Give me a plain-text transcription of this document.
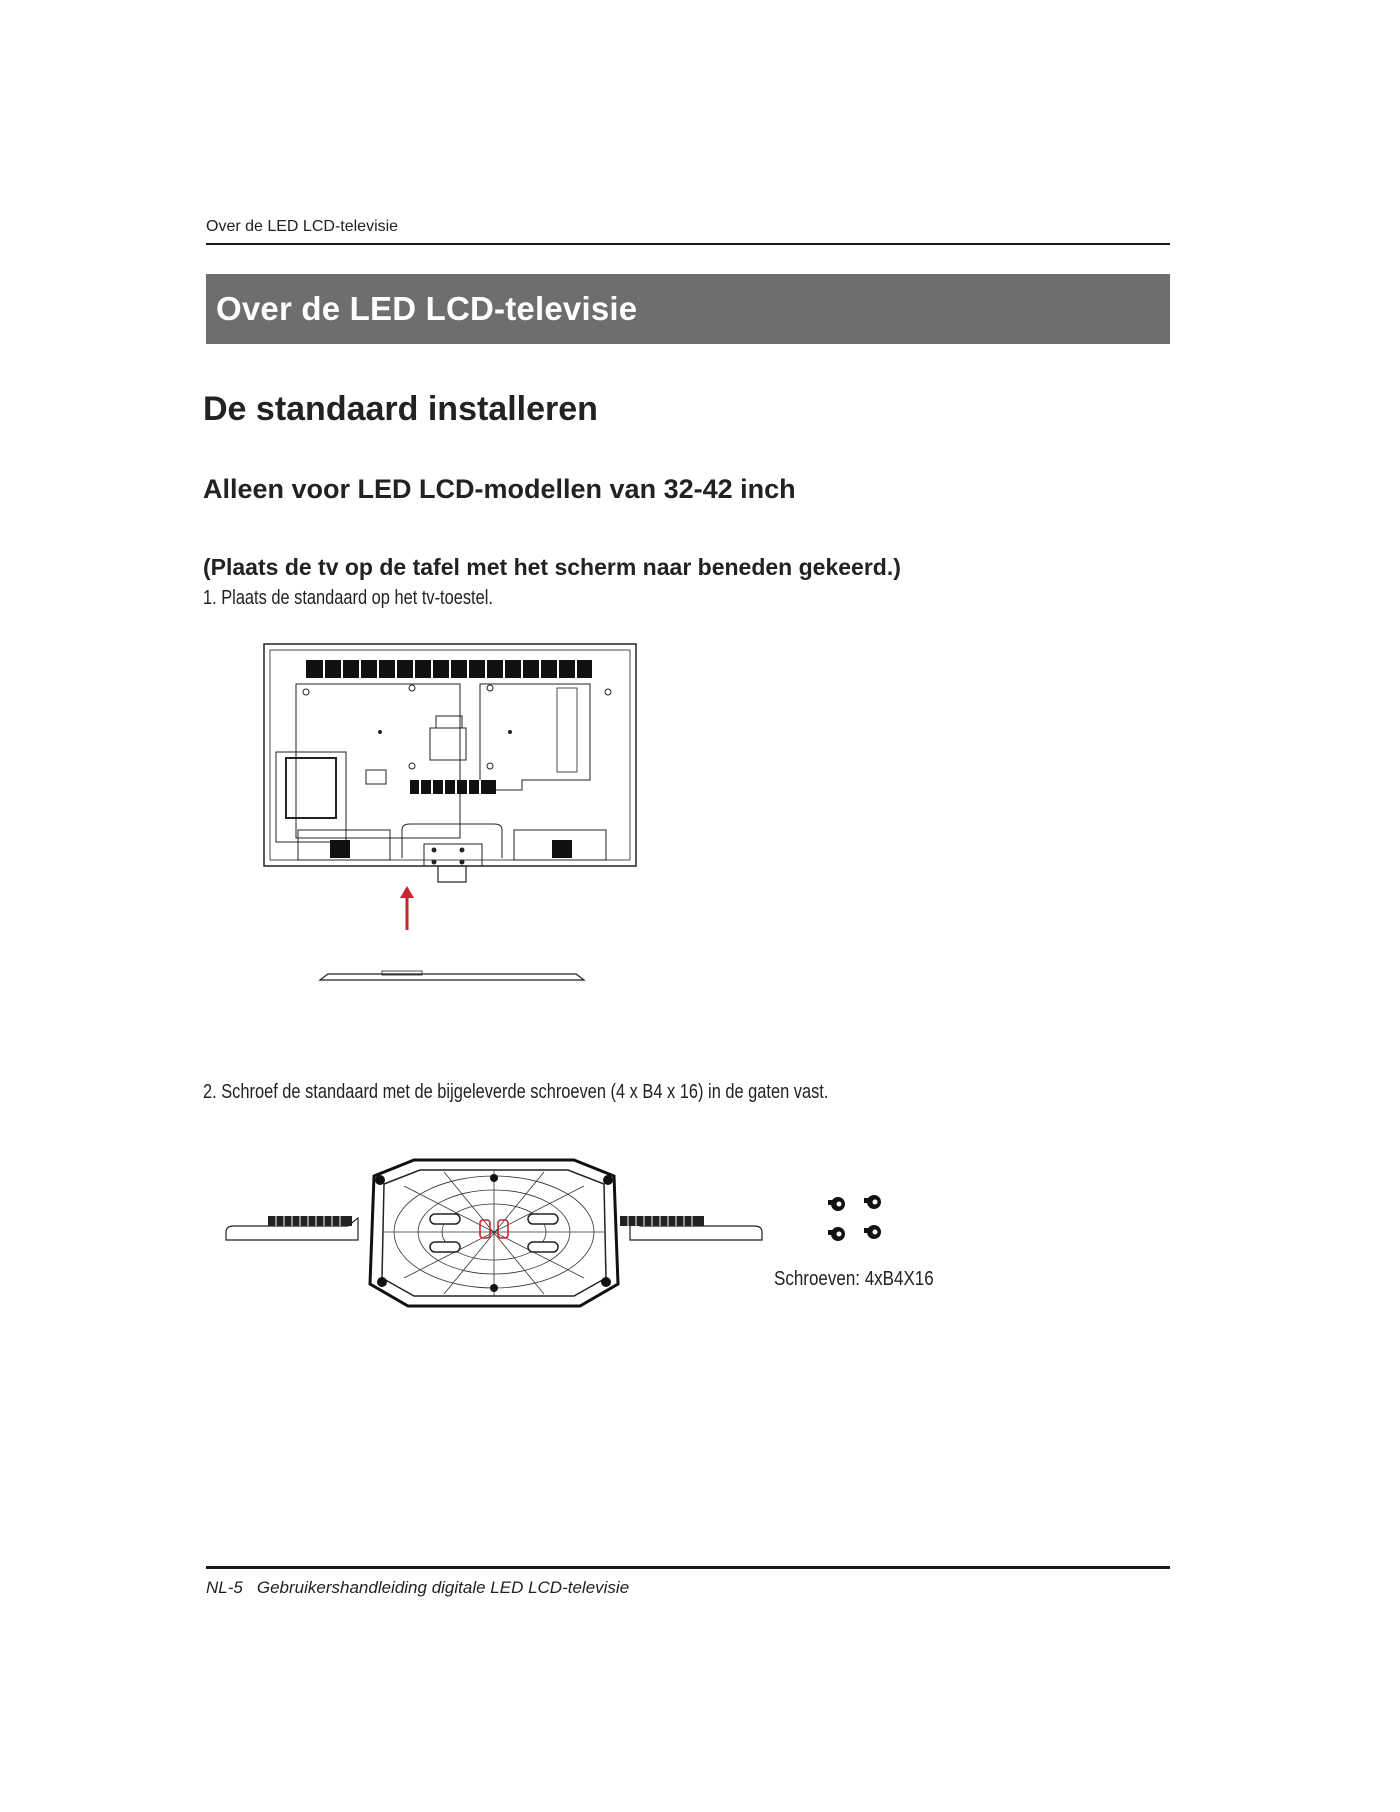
Over de LED LCD-televisie
Over de LED LCD-televisie
De standaard installeren
Alleen voor LED LCD-modellen van 32-42 inch
(Plaats de tv op de tafel met het scherm naar beneden gekeerd.)
1. Plaats de standaard op het tv-toestel.
2. Schroef de standaard met de bijgeleverde schroeven (4 x B4 x 16) in de gaten vast.
Schroeven: 4xB4X16
NL-5 Gebruikershandleiding digitale LED LCD-televisie
